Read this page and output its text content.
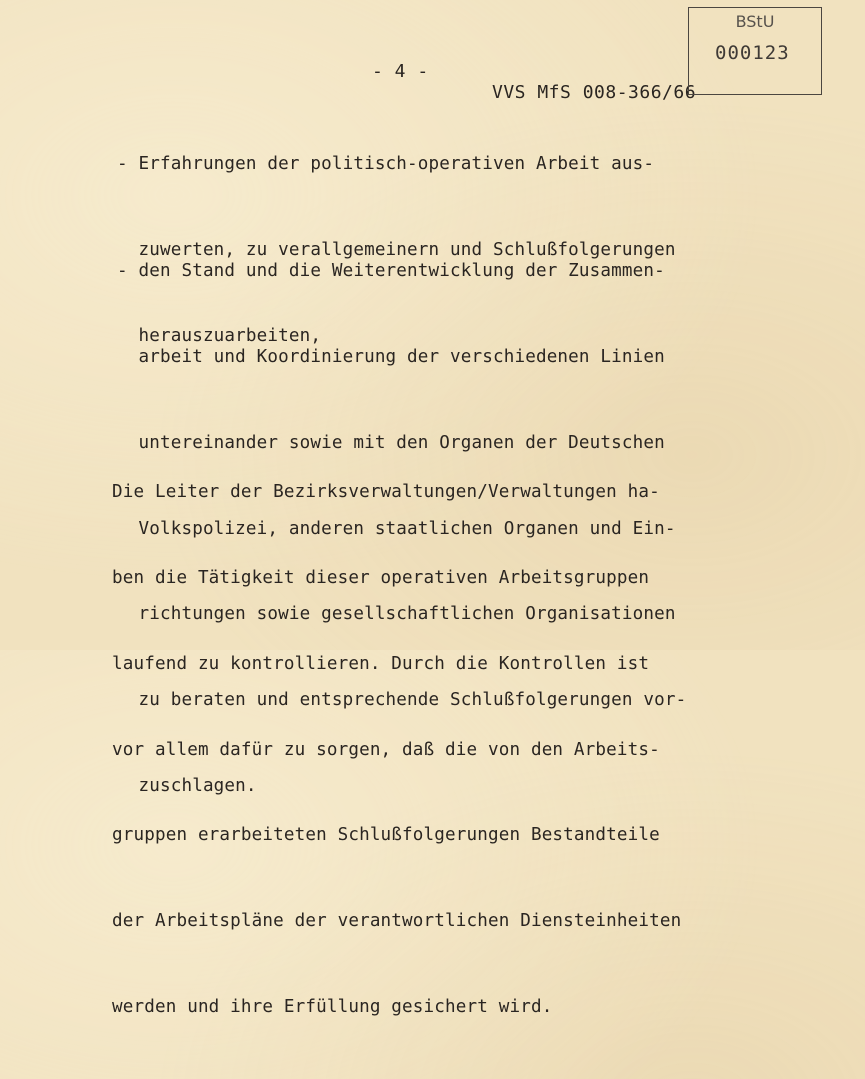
- 4 -

VVS MfS 008-366/66

BStU
000123

- Erfahrungen der politisch-operativen Arbeit aus-

zuwerten, zu verallgemeinern und Schlußfolgerungen

herauszuarbeiten,

- den Stand und die Weiterentwicklung der Zusammen-

arbeit und Koordinierung der verschiedenen Linien

untereinander sowie mit den Organen der Deutschen

Volkspolizei, anderen staatlichen Organen und Ein-

richtungen sowie gesellschaftlichen Organisationen

zu beraten und entsprechende Schlußfolgerungen vor-

zuschlagen.

Die Leiter der Bezirksverwaltungen/Verwaltungen ha-

ben die Tätigkeit dieser operativen Arbeitsgruppen

laufend zu kontrollieren. Durch die Kontrollen ist

vor allem dafür zu sorgen, daß die von den Arbeits-

gruppen erarbeiteten Schlußfolgerungen Bestandteile

der Arbeitspläne der verantwortlichen Diensteinheiten

werden und ihre Erfüllung gesichert wird.
